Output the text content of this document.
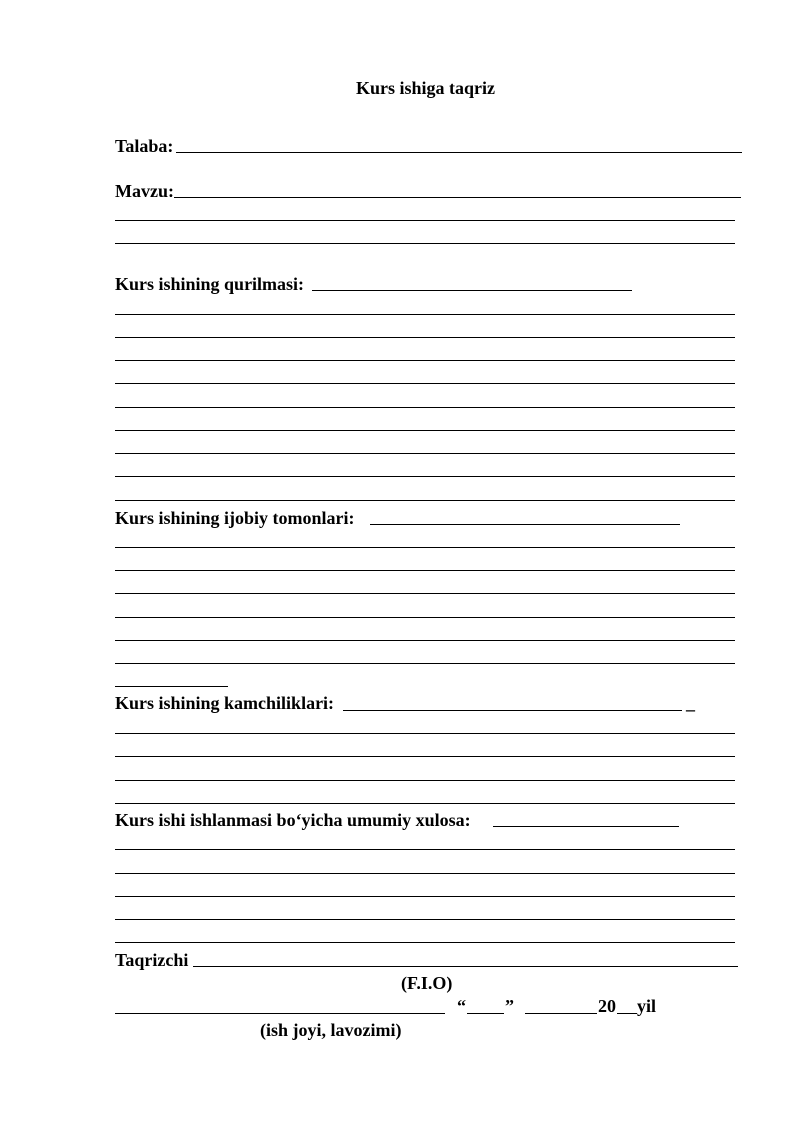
Kurs ishiga taqriz
Talaba:
Mavzu:
Kurs ishining qurilmasi:
Kurs ishining ijobiy tomonlari:
Kurs ishining kamchiliklari:	_
Kurs ishi ishlanmasi bo‘yicha umumiy xulosa:
Taqrizchi
(F.I.O)
“ ”	20 yil
(ish joyi, lavozimi)
